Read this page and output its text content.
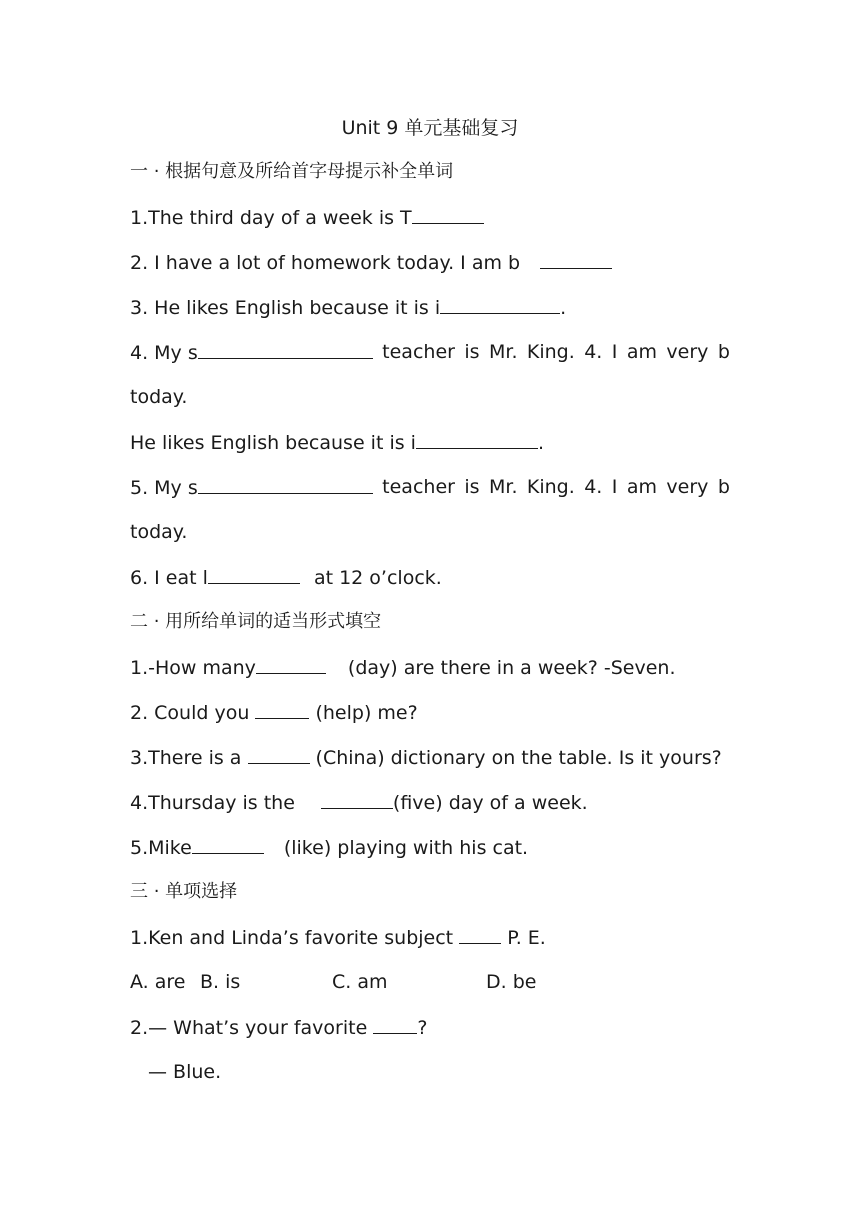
Unit 9 单元基础复习
一 · 根据句意及所给首字母提示补全单词
1.The third day of a week is T
2. I have a lot of homework today. I am b
3. He likes English because it is i	.
4. My s	teacher is Mr. King. 4. I am very b
today.
He likes English because it is i	.
5. My s	teacher is Mr. King. 4. I am very b
today.
6. I eat l	at 12 o’clock.
二 · 用所给单词的适当形式填空
1.-How many	(day) are there in a week? -Seven.
2. Could you	(help) me?
3.There is a	(China) dictionary on the table. Is it yours?
4.Thursday is the	(five) day of a week.
5.Mike	(like) playing with his cat.
三 · 单项选择
1.Ken and Linda’s favorite subject  P. E.
A. are B. is	C. am	D. be
2.— What’s your favorite ?
— Blue.
